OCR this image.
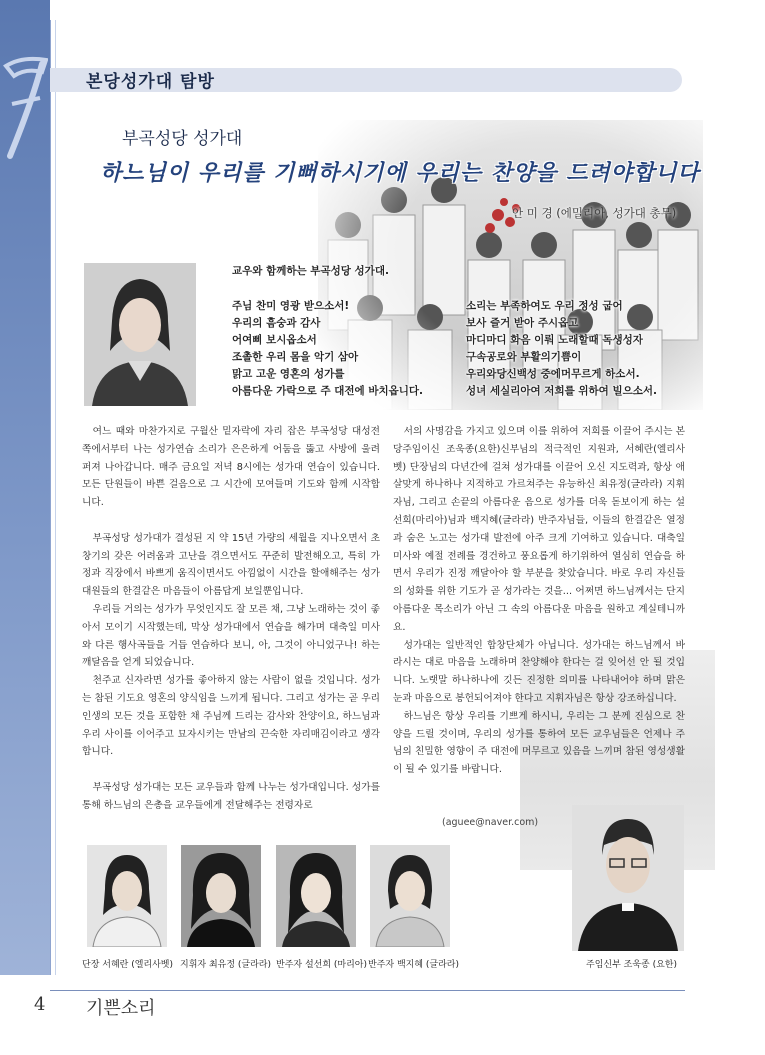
본당성가대 탐방
부곡성당 성가대
하느님이 우리를 기뻐하시기에 우리는 찬양을 드려야합니다
안 미 경 (에밀리아, 성가대 총무)
교우와 함께하는 부곡성당 성가대.
주님 찬미 영광 받으소서!
우리의 흠숭과 감사
어여삐 보시옵소서
조촐한 우리 몸을 악기 삼아
맑고 고운 영혼의 성가를
아름다운 가락으로 주 대전에 바치옵니다.
소리는 부족하여도 우리 정성 굽어
보사 즐거 받아 주시옵고
마디마디 화음 이뤄 노래할때 독생성자
구속공로와 부활의기쁨이
우리와당신백성 중에머무르게 하소서.
성녀 세실리아여 저희를 위하여 빌으소서.

여느 때와 마찬가지로 구월산 밑자락에 자리 잡은 부곡성당 대성전 쪽에서부터 나는 성가연습 소리가 은은하게 어둠을 뚫고 사방에 울려 퍼져 나아갑니다. 매주 금요일 저녁 8시에는 성가대 연습이 있습니다. 모든 단원들이 바쁜 걸음으로 그 시간에 모여들며 기도와 함께 시작합니다.

부곡성당 성가대가 결성된 지 약 15년 가량의 세월을 지나오면서 초창기의 갖은 어려움과 고난을 겪으면서도 꾸준히 발전해오고, 특히 가정과 직장에서 바쁘게 움직이면서도 아낌없이 시간을 할애해주는 성가대원들의 한결같은 마음들이 아름답게 보일뿐입니다.

우리들 거의는 성가가 무엇인지도 잘 모른 채, 그냥 노래하는 것이 좋아서 모이기 시작했는데, 막상 성가대에서 연습을 해가며 대축일 미사와 다른 행사곡들을 거듭 연습하다 보니, 아, 그것이 아니었구나! 하는 깨달음을 얻게 되었습니다.

천주교 신자라면 성가를 좋아하지 않는 사람이 없을 것입니다. 성가는 참된 기도요 영혼의 양식임을 느끼게 됩니다. 그리고 성가는 곧 우리인생의 모든 것을 포함한 채 주님께 드리는 감사와 찬양이요, 하느님과 우리 사이를 이어주고 묘자시키는 만남의 끈숙한 자리매김이라고 생각합니다.

부곡성당 성가대는 모든 교우들과 함께 나누는 성가대입니다. 성가를 통해 하느님의 은총을 교우들에게 전달해주는 전령자로

서의 사명감을 가지고 있으며 이를 위하여 저희를 이끌어 주시는 본당주임이신 조욱종(요한)신부님의 적극적인 지원과, 서혜란(엘리사벳) 단장님의 다년간에 걸쳐 성가대를 이끌어 오신 지도력과, 항상 애살맞게 하나하나 지적하고 가르쳐주는 유능하신 최유정(글라라) 지휘자님, 그리고 손끝의 아름다운 음으로 성가를 더욱 돋보이게 하는 설선희(마리아)님과 백지혜(글라라) 반주자님들, 이들의 한결같은 열정과 숨은 노고는 성가대 발전에 아주 크게 기여하고 있습니다. 대축일 미사와 예절 전례를 경건하고 풍요롭게 하기위하여 열심히 연습을 하면서 우리가 진정 깨달아야 할 부분을 찾았습니다. 바로 우리 자신들의 성화를 위한 기도가 곧 성가라는 것을... 어쩌면 하느님께서는 단지 아름다운 목소리가 아닌 그 속의 아름다운 마음을 원하고 계실테니까요.

성가대는 일반적인 합창단체가 아닙니다. 성가대는 하느님께서 바라시는 대로 마음을 노래하며 찬양해야 한다는 걸 잊어선 안 될 것입니다. 노랫말 하나하나에 깃든 진정한 의미를 나타내어야 하며 맑은 눈과 마음으로 봉헌되어져야 한다고 지휘자님은 항상 강조하십니다.

하느님은 항상 우리를 기쁘게 하시니, 우리는 그 분께 진심으로 찬양을 드릴 것이며, 우리의 성가를 통하여 모든 교우님들은 언제나 주님의 친밀한 영향이 주 대전에 머무르고 있음을 느끼며 참된 영성생활이 될 수 있기를 바랍니다.

(aguee@naver.com)
단장 서혜란 (엘리사벳) 지휘자 최유정 (글라라) 반주자 설선희 (마리아) 반주자 백지혜 (글라라)	주임신부 조욱종 (요한)
4 기쁜소리
